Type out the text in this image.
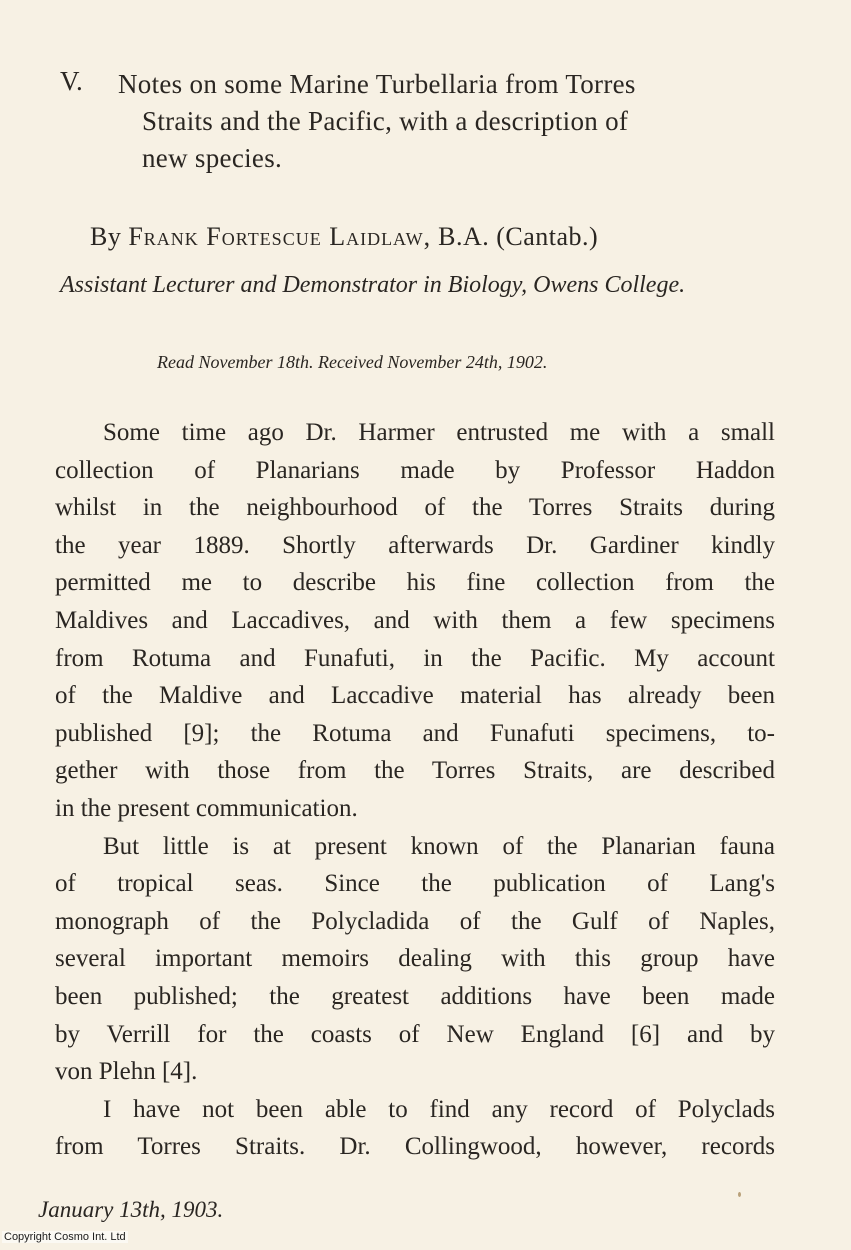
V. Notes on some Marine Turbellaria from Torres
Straits and the Pacific, with a description of
new species.
By Frank Fortescue Laidlaw, B.A. (Cantab.)
Assistant Lecturer and Demonstrator in Biology, Owens College.
Read November 18th. Received November 24th, 1902.
Some time ago Dr. Harmer entrusted me with a small
collection of Planarians made by Professor Haddon
whilst in the neighbourhood of the Torres Straits during
the year 1889. Shortly afterwards Dr. Gardiner kindly
permitted me to describe his fine collection from the
Maldives and Laccadives, and with them a few specimens
from Rotuma and Funafuti, in the Pacific. My account
of the Maldive and Laccadive material has already been
published [9]; the Rotuma and Funafuti specimens, to-
gether with those from the Torres Straits, are described
in the present communication.
But little is at present known of the Planarian fauna
of tropical seas. Since the publication of Lang's
monograph of the Polycladida of the Gulf of Naples,
several important memoirs dealing with this group have
been published; the greatest additions have been made
by Verrill for the coasts of New England [6] and by
von Plehn [4].
I have not been able to find any record of Polyclads
from Torres Straits. Dr. Collingwood, however, records
January 13th, 1903.
Copyright Cosmo Int. Ltd
